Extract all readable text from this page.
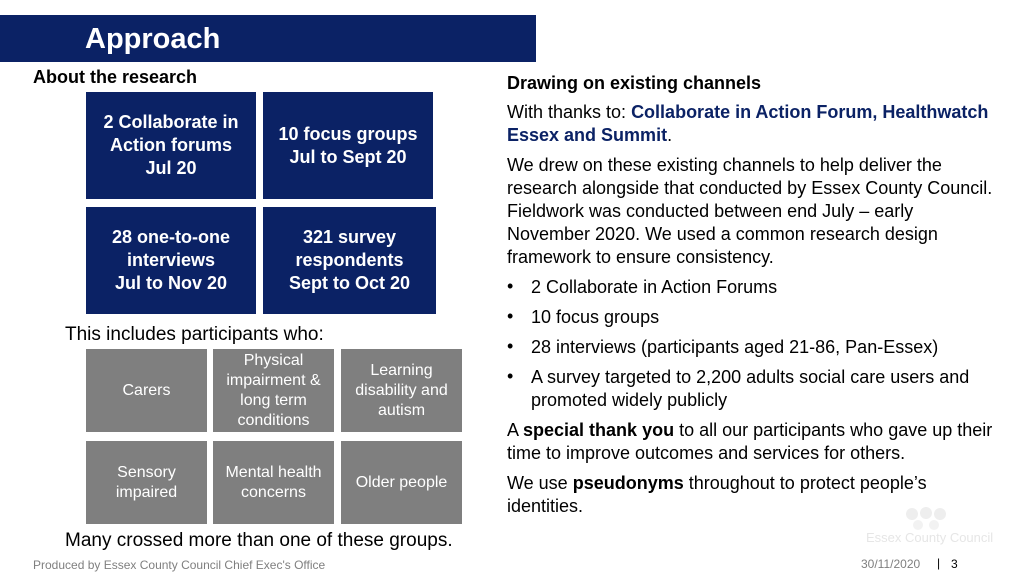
Approach
About the research
2 Collaborate in
Action forums
Jul 20
10 focus groups
Jul to Sept 20
28 one-to-one
interviews
Jul to Nov 20
321 survey
respondents
Sept to Oct 20
This includes participants who:
Carers
Physical
impairment &
long term
conditions
Learning
disability and
autism
Sensory
impaired
Mental health
concerns
Older people
Many crossed more than one of these groups.

Drawing on existing channels

With thanks to: Collaborate in Action Forum, Healthwatch Essex and Summit.

We drew on these existing channels to help deliver the research alongside that conducted by Essex County Council. Fieldwork was conducted between end July – early November 2020. We used a common research design framework to ensure consistency.

• 2 Collaborate in Action Forums
• 10 focus groups
• 28 interviews (participants aged 21-86, Pan-Essex)
• A survey targeted to 2,200 adults social care users and promoted widely publicly

A special thank you to all our participants who gave up their time to improve outcomes and services for others.

We use pseudonyms throughout to protect people’s identities.

Essex County Council
Produced by Essex County Council Chief Exec's Office	30/11/2020 | 3
